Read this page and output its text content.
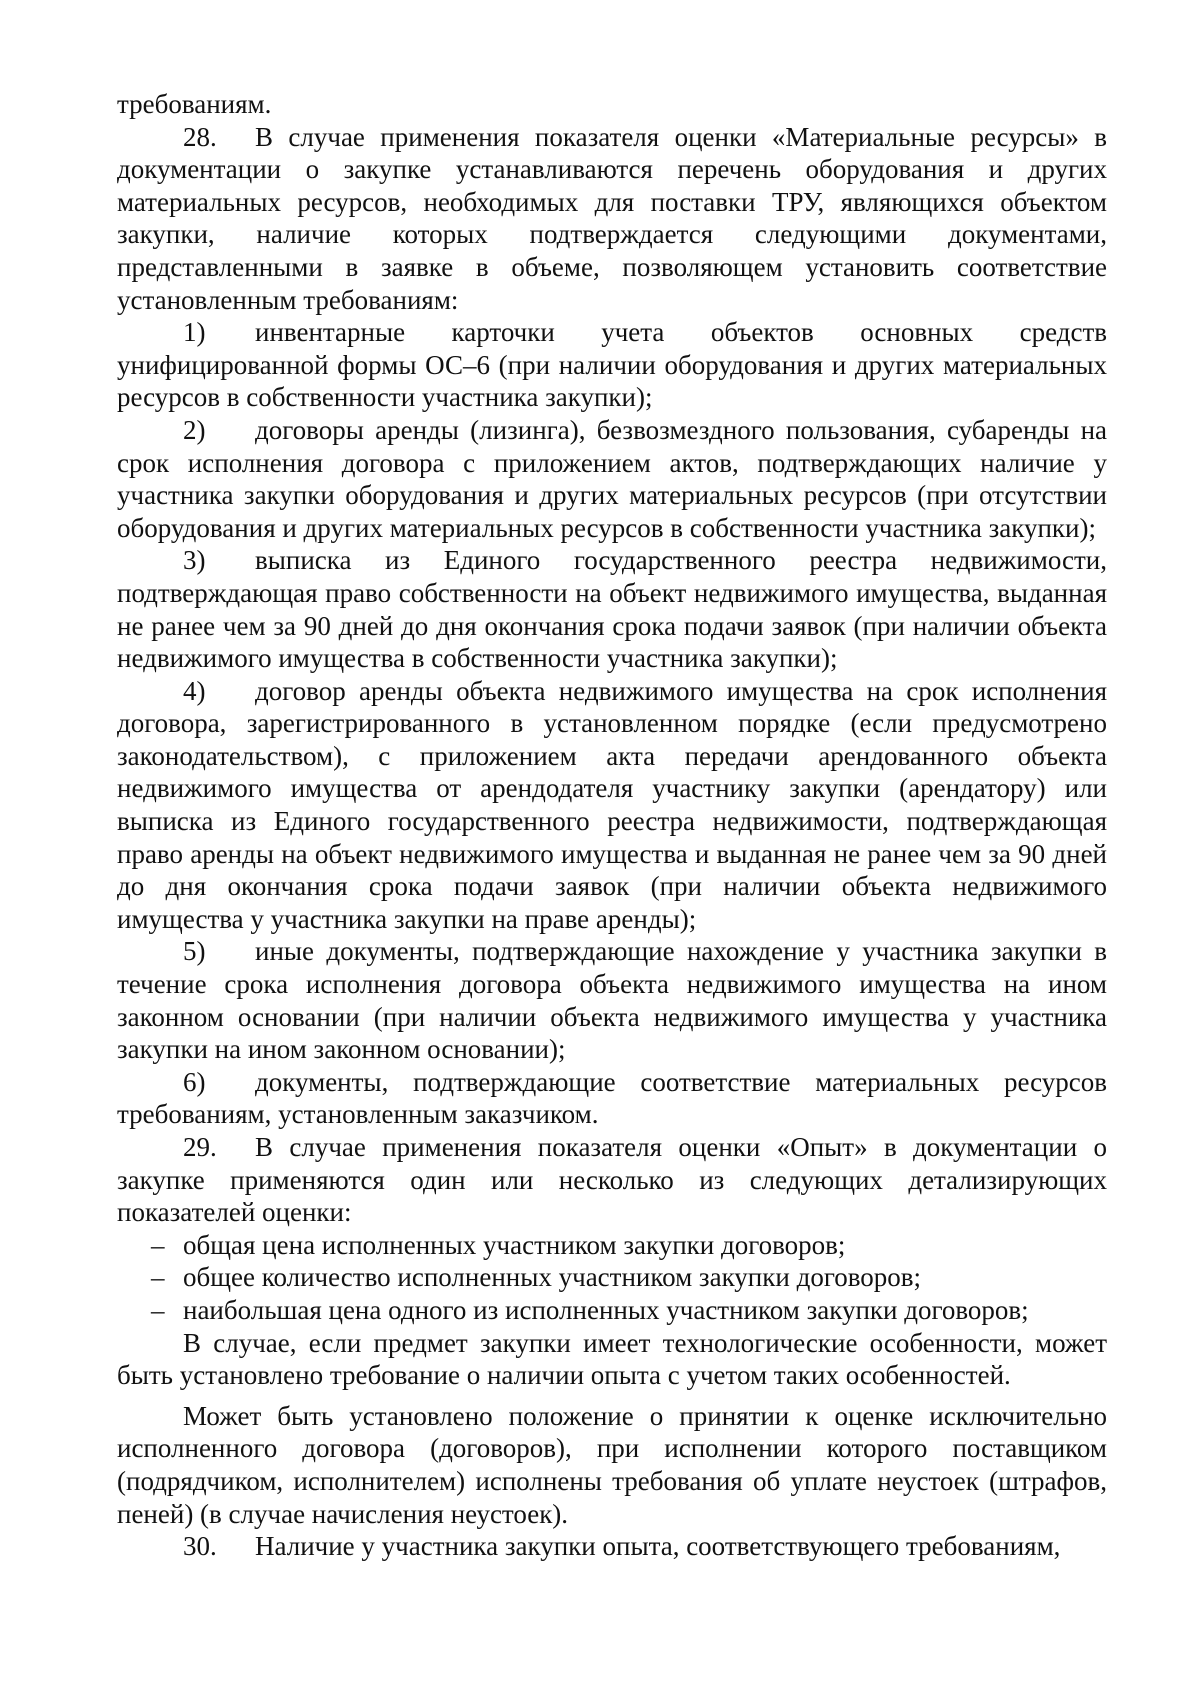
требованиям.

28. В случае применения показателя оценки «Материальные ресурсы» в документации о закупке устанавливаются перечень оборудования и других материальных ресурсов, необходимых для поставки ТРУ, являющихся объектом закупки, наличие которых подтверждается следующими документами, представленными в заявке в объеме, позволяющем установить соответствие установленным требованиям:

1) инвентарные карточки учета объектов основных средств унифицированной формы ОС–6 (при наличии оборудования и других материальных ресурсов в собственности участника закупки);

2) договоры аренды (лизинга), безвозмездного пользования, субаренды на срок исполнения договора с приложением актов, подтверждающих наличие у участника закупки оборудования и других материальных ресурсов (при отсутствии оборудования и других материальных ресурсов в собственности участника закупки);

3) выписка из Единого государственного реестра недвижимости, подтверждающая право собственности на объект недвижимого имущества, выданная не ранее чем за 90 дней до дня окончания срока подачи заявок (при наличии объекта недвижимого имущества в собственности участника закупки);

4) договор аренды объекта недвижимого имущества на срок исполнения договора, зарегистрированного в установленном порядке (если предусмотрено законодательством), с приложением акта передачи арендованного объекта недвижимого имущества от арендодателя участнику закупки (арендатору) или выписка из Единого государственного реестра недвижимости, подтверждающая право аренды на объект недвижимого имущества и выданная не ранее чем за 90 дней до дня окончания срока подачи заявок (при наличии объекта недвижимого имущества у участника закупки на праве аренды);

5) иные документы, подтверждающие нахождение у участника закупки в течение срока исполнения договора объекта недвижимого имущества на ином законном основании (при наличии объекта недвижимого имущества у участника закупки на ином законном основании);

6) документы, подтверждающие соответствие материальных ресурсов требованиям, установленным заказчиком.

29. В случае применения показателя оценки «Опыт» в документации о закупке применяются один или несколько из следующих детализирующих показателей оценки:

– общая цена исполненных участником закупки договоров;

– общее количество исполненных участником закупки договоров;

– наибольшая цена одного из исполненных участником закупки договоров;

В случае, если предмет закупки имеет технологические особенности, может быть установлено требование о наличии опыта с учетом таких особенностей.

Может быть установлено положение о принятии к оценке исключительно исполненного договора (договоров), при исполнении которого поставщиком (подрядчиком, исполнителем) исполнены требования об уплате неустоек (штрафов, пеней) (в случае начисления неустоек).

30. Наличие у участника закупки опыта, соответствующего требованиям,
